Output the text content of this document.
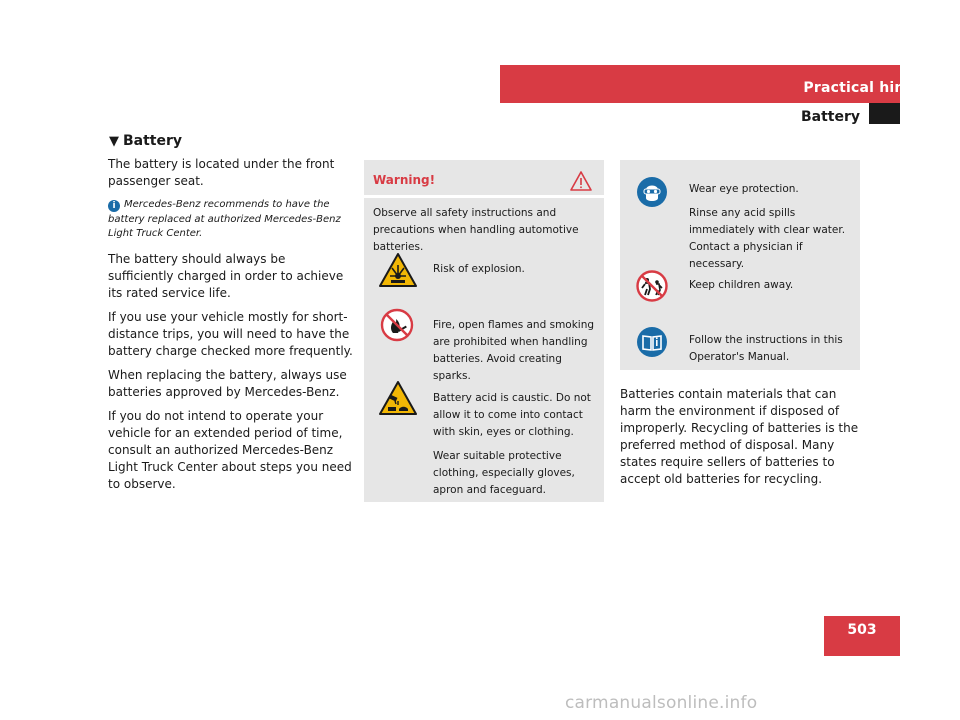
Practical hints
Battery
▼ Battery

The battery is located under the front passenger seat.

i Mercedes-Benz recommends to have the battery replaced at authorized Mercedes-Benz Light Truck Center.

The battery should always be sufficiently charged in order to achieve its rated service life.

If you use your vehicle mostly for short-distance trips, you will need to have the battery charge checked more frequently.

When replacing the battery, always use batteries approved by Mercedes-Benz.

If you do not intend to operate your vehicle for an extended period of time, consult an authorized Mercedes-Benz Light Truck Center about steps you need to observe.

Warning!
Observe all safety instructions and precautions when handling automotive batteries.
Risk of explosion.
Fire, open flames and smoking are prohibited when handling batteries. Avoid creating sparks.

Battery acid is caustic. Do not allow it to come into contact with skin, eyes or clothing.

Wear suitable protective clothing, especially gloves, apron and faceguard.

Wear eye protection.

Rinse any acid spills immediately with clear water. Contact a physician if necessary.

Keep children away.
Follow the instructions in this Operator's Manual.
Batteries contain materials that can harm the environment if disposed of improperly. Recycling of batteries is the preferred method of disposal. Many states require sellers of batteries to accept old batteries for recycling.
503
carmanualsonline.info
